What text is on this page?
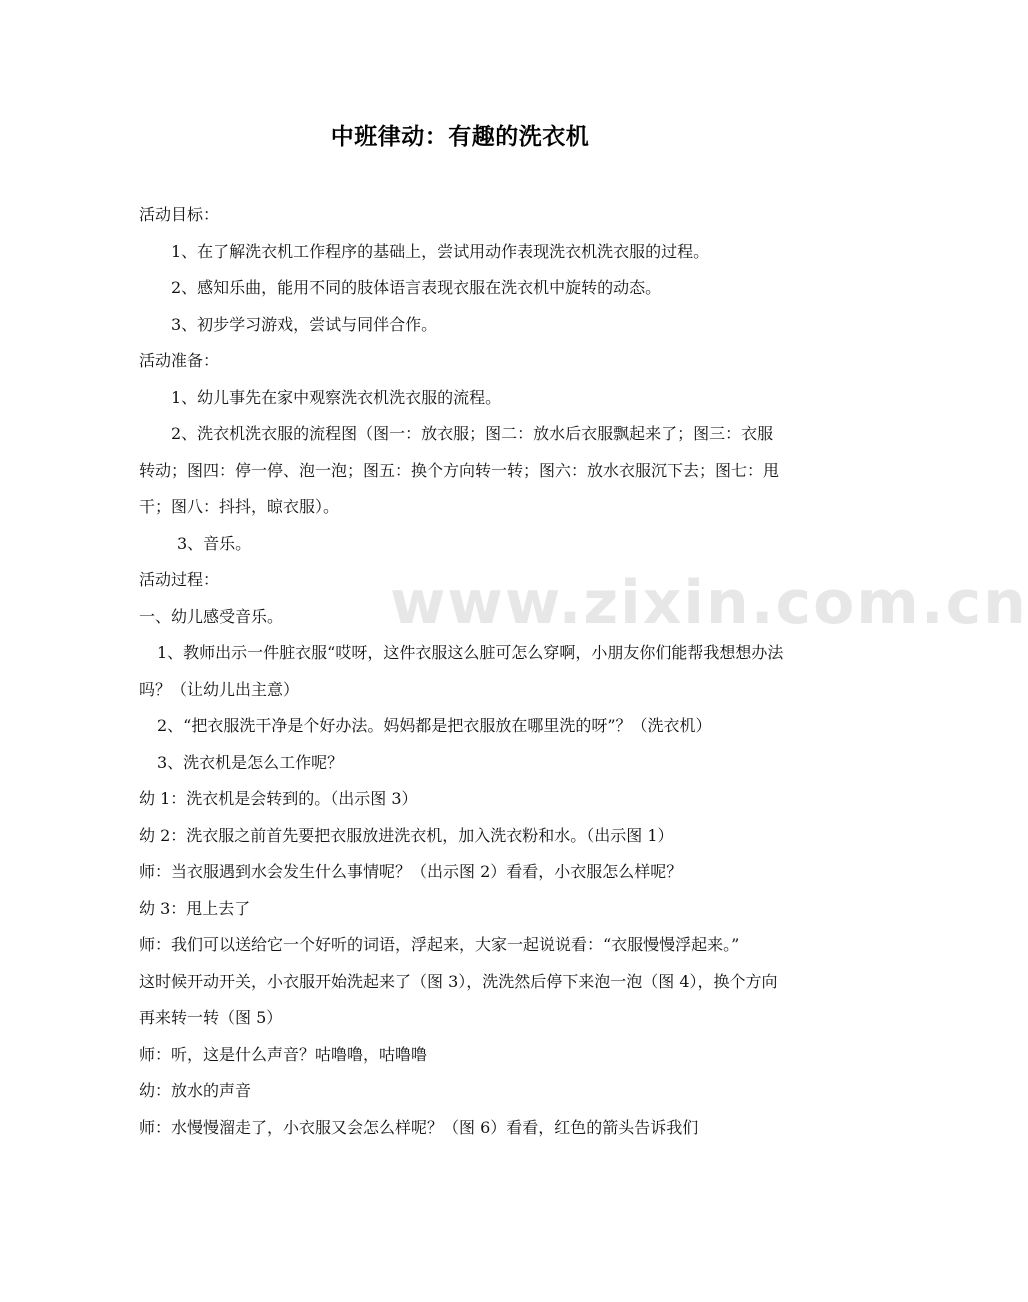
www.zixin.com.cn
中班律动：有趣的洗衣机

活动目标：

1、在了解洗衣机工作程序的基础上，尝试用动作表现洗衣机洗衣服的过程。

2、感知乐曲，能用不同的肢体语言表现衣服在洗衣机中旋转的动态。

3、初步学习游戏，尝试与同伴合作。

活动准备：

1、幼儿事先在家中观察洗衣机洗衣服的流程。

2、洗衣机洗衣服的流程图（图一：放衣服；图二：放水后衣服飘起来了；图三：衣服转动；图四：停一停、泡一泡；图五：换个方向转一转；图六：放水衣服沉下去；图七：甩干；图八：抖抖，晾衣服）。

3、音乐。

活动过程：

一、幼儿感受音乐。

1、教师出示一件脏衣服“哎呀，这件衣服这么脏可怎么穿啊，小朋友你们能帮我想想办法吗？（让幼儿出主意）

2、“把衣服洗干净是个好办法。妈妈都是把衣服放在哪里洗的呀”？（洗衣机）

3、洗衣机是怎么工作呢？

幼 1：洗衣机是会转到的。（出示图 3）

幼 2：洗衣服之前首先要把衣服放进洗衣机，加入洗衣粉和水。（出示图 1）

师：当衣服遇到水会发生什么事情呢？（出示图 2）看看，小衣服怎么样呢？

幼 3：甩上去了

师：我们可以送给它一个好听的词语，浮起来，大家一起说说看：“衣服慢慢浮起来。”

这时候开动开关，小衣服开始洗起来了（图 3），洗洗然后停下来泡一泡（图 4），换个方向再来转一转（图 5）

师：听，这是什么声音？咕噜噜，咕噜噜

幼：放水的声音

师：水慢慢溜走了，小衣服又会怎么样呢？（图 6）看看，红色的箭头告诉我们
